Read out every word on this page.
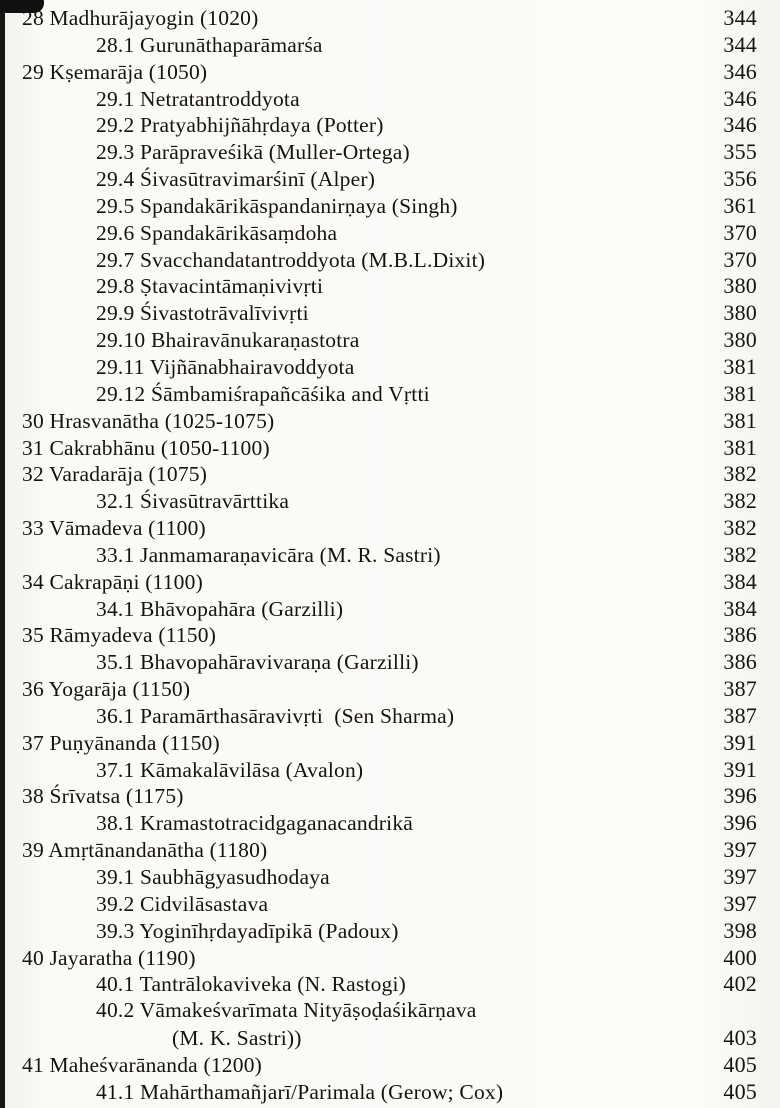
28 Madhurājayogin (1020)	344
28.1 Gurunāthaparāmarśa	344
29 Kṣemarāja (1050)	346
29.1 Netratantroddyota	346
29.2 Pratyabhijñāhṛdaya (Potter)	346
29.3 Parāpraveśikā (Muller-Ortega)	355
29.4 Śivasūtravimarśinī (Alper)	356
29.5 Spandakārikāspandanirṇaya (Singh)	361
29.6 Spandakārikāsaṃdoha	370
29.7 Svacchandatantroddyota (M.B.L.Dixit)	370
29.8 Ṣtavacintāmaṇivivṛti	380
29.9 Śivastotrāvalīvivṛti	380
29.10 Bhairavānukaraṇastotra	380
29.11 Vijñānabhairavoddyota	381
29.12 Śāmbamiśrapañcāśika and Vṛtti	381
30 Hrasvanātha (1025-1075)	381
31 Cakrabhānu (1050-1100)	381
32 Varadarāja (1075)	382
32.1 Śivasūtravārttika	382
33 Vāmadeva (1100)	382
33.1 Janmamaraṇavicāra (M. R. Sastri)	382
34 Cakrapāṇi (1100)	384
34.1 Bhāvopahāra (Garzilli)	384
35 Rāmyadeva (1150)	386
35.1 Bhavopahāravivaraṇa (Garzilli)	386
36 Yogarāja (1150)	387
36.1 Paramārthasāravivṛti  (Sen Sharma)	387
37 Puṇyānanda (1150)	391
37.1 Kāmakalāvilāsa (Avalon)	391
38 Śrīvatsa (1175)	396
38.1 Kramastotracidgaganacandrikā	396
39 Amṛtānandanātha (1180)	397
39.1 Saubhāgyasudhodaya	397
39.2 Cidvilāsastava	397
39.3 Yoginīhṛdayadīpikā (Padoux)	398
40 Jayaratha (1190)	400
40.1 Tantrālokaviveka (N. Rastogi)	402
40.2 Vāmakeśvarīmata Nityāṣoḍaśikārṇava
(M. K. Sastri))	403
41 Maheśvarānanda (1200)	405
41.1 Mahārthamañjarī/Parimala (Gerow; Cox)	405
